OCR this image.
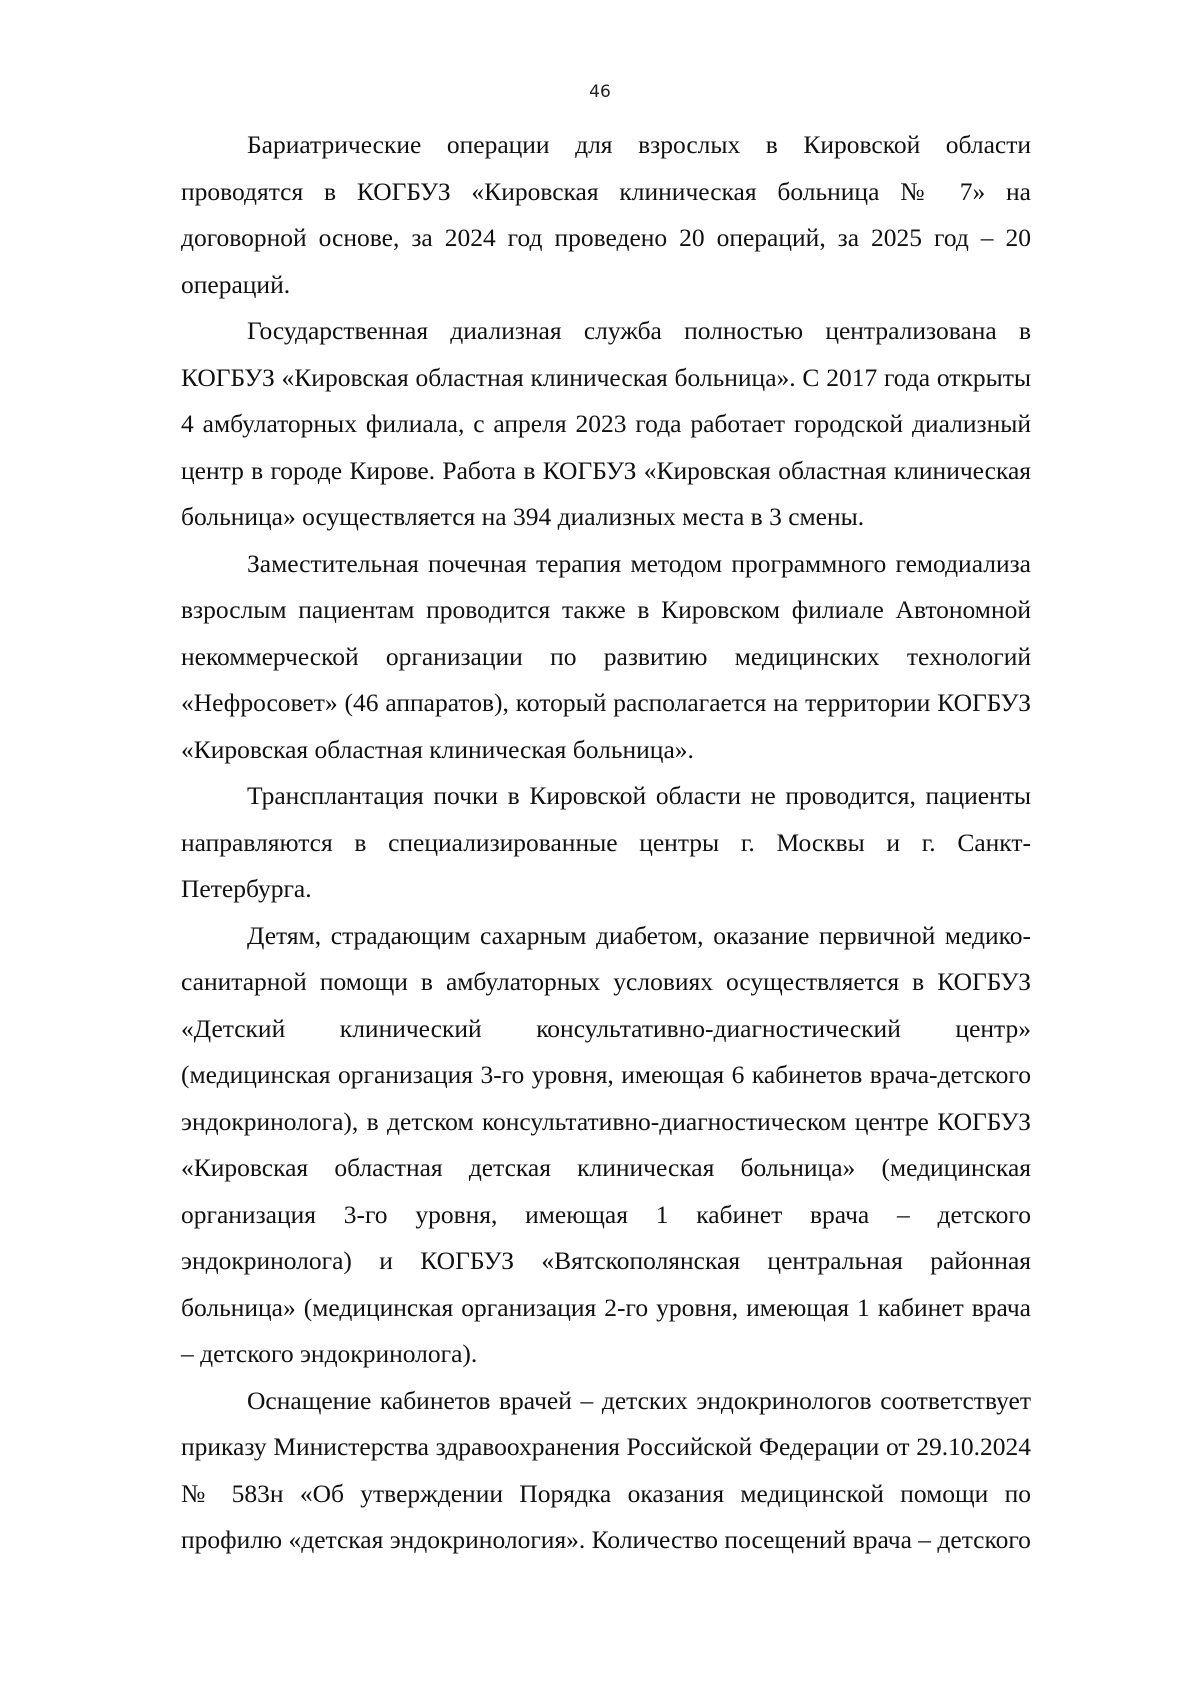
46

Бариатрические операции для взрослых в Кировской области проводятся в КОГБУЗ «Кировская клиническая больница № 7» на договорной основе, за 2024 год проведено 20 операций, за 2025 год – 20 операций.

Государственная диализная служба полностью централизована в КОГБУЗ «Кировская областная клиническая больница». С 2017 года открыты 4 амбулаторных филиала, с апреля 2023 года работает городской диализный центр в городе Кирове. Работа в КОГБУЗ «Кировская областная клиническая больница» осуществляется на 394 диализных места в 3 смены.

Заместительная почечная терапия методом программного гемодиализа взрослым пациентам проводится также в Кировском филиале Автономной некоммерческой организации по развитию медицинских технологий «Нефросовет» (46 аппаратов), который располагается на территории КОГБУЗ «Кировская областная клиническая больница».

Трансплантация почки в Кировской области не проводится, пациенты направляются в специализированные центры г. Москвы и г. Санкт-Петербурга.

Детям, страдающим сахарным диабетом, оказание первичной медико-санитарной помощи в амбулаторных условиях осуществляется в КОГБУЗ «Детский клинический консультативно-диагностический центр» (медицинская организация 3-го уровня, имеющая 6 кабинетов врача-детского эндокринолога), в детском консультативно-диагностическом центре КОГБУЗ «Кировская областная детская клиническая больница» (медицинская организация 3-го уровня, имеющая 1 кабинет врача – детского эндокринолога) и КОГБУЗ «Вятскополянская центральная районная больница» (медицинская организация 2-го уровня, имеющая 1 кабинет врача – детского эндокринолога).

Оснащение кабинетов врачей – детских эндокринологов соответствует приказу Министерства здравоохранения Российской Федерации от 29.10.2024 № 583н «Об утверждении Порядка оказания медицинской помощи по профилю «детская эндокринология». Количество посещений врача – детского
